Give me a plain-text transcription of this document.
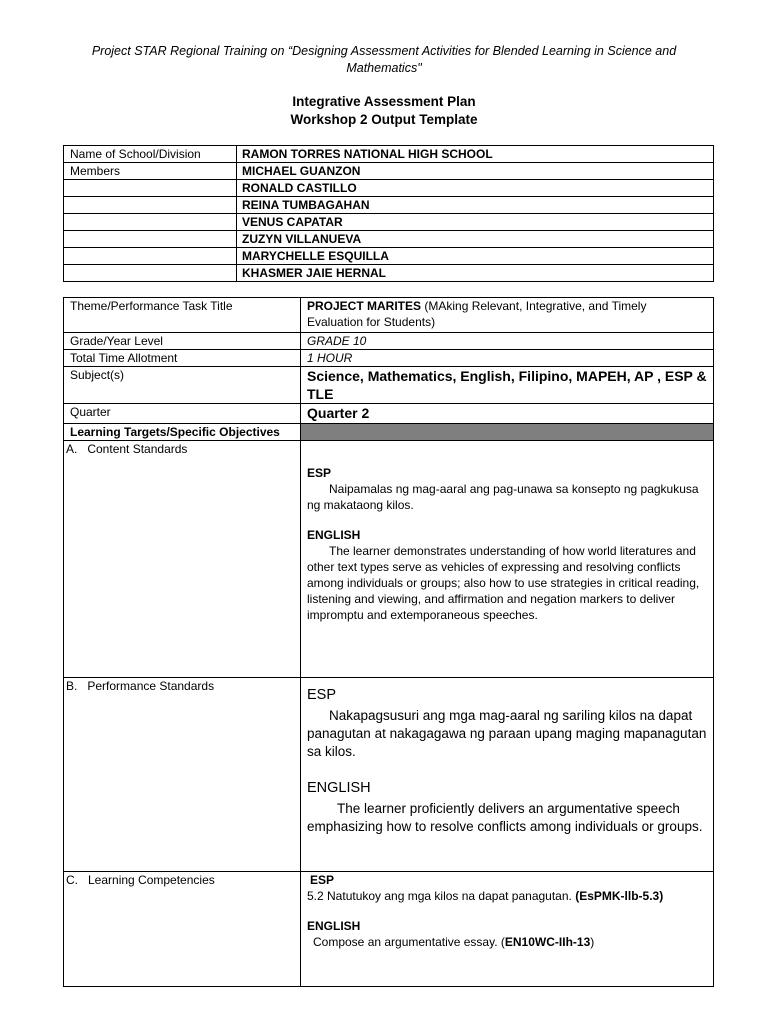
Project STAR Regional Training on “Designing Assessment Activities for Blended Learning in Science and
Mathematics"
Integrative Assessment Plan
Workshop 2 Output Template
Name of School/Division	RAMON TORRES NATIONAL HIGH SCHOOL
Members	MICHAEL GUANZON
	RONALD CASTILLO
	REINA TUMBAGAHAN
	VENUS CAPATAR
	ZUZYN VILLANUEVA
	MARYCHELLE ESQUILLA
	KHASMER JAIE HERNAL
Theme/Performance Task Title	PROJECT MARITES (MAking Relevant, Integrative, and Timely
Evaluation for Students)
Grade/Year Level	GRADE 10
Total Time Allotment	1 HOUR
Subject(s)	Science, Mathematics, English, Filipino, MAPEH, AP , ESP & TLE
Quarter	Quarter 2
Learning Targets/Specific Objectives	
A.   Content Standards	ESP

Naipamalas ng mag-aaral ang pag-unawa sa konsepto ng pagkukusa ng makataong kilos.

ENGLISH

The learner demonstrates understanding of how world literatures and other text types serve as vehicles of expressing and resolving conflicts among individuals or groups; also how to use strategies in critical reading, listening and viewing, and affirmation and negation markers to deliver impromptu and extemporaneous speeches.

B.   Performance Standards	ESP

Nakapagsusuri ang mga mag-aaral ng sariling kilos na dapat panagutan at nakagagawa ng paraan upang maging mapanagutan sa kilos.

ENGLISH

The learner proficiently delivers an argumentative speech emphasizing how to resolve conflicts among individuals or groups.

C.   Learning Competencies	ESP
5.2 Natutukoy ang mga kilos na dapat panagutan. (EsPMK-llb-5.3)
ENGLISH
Compose an argumentative essay. (EN10WC-IIh-13)
